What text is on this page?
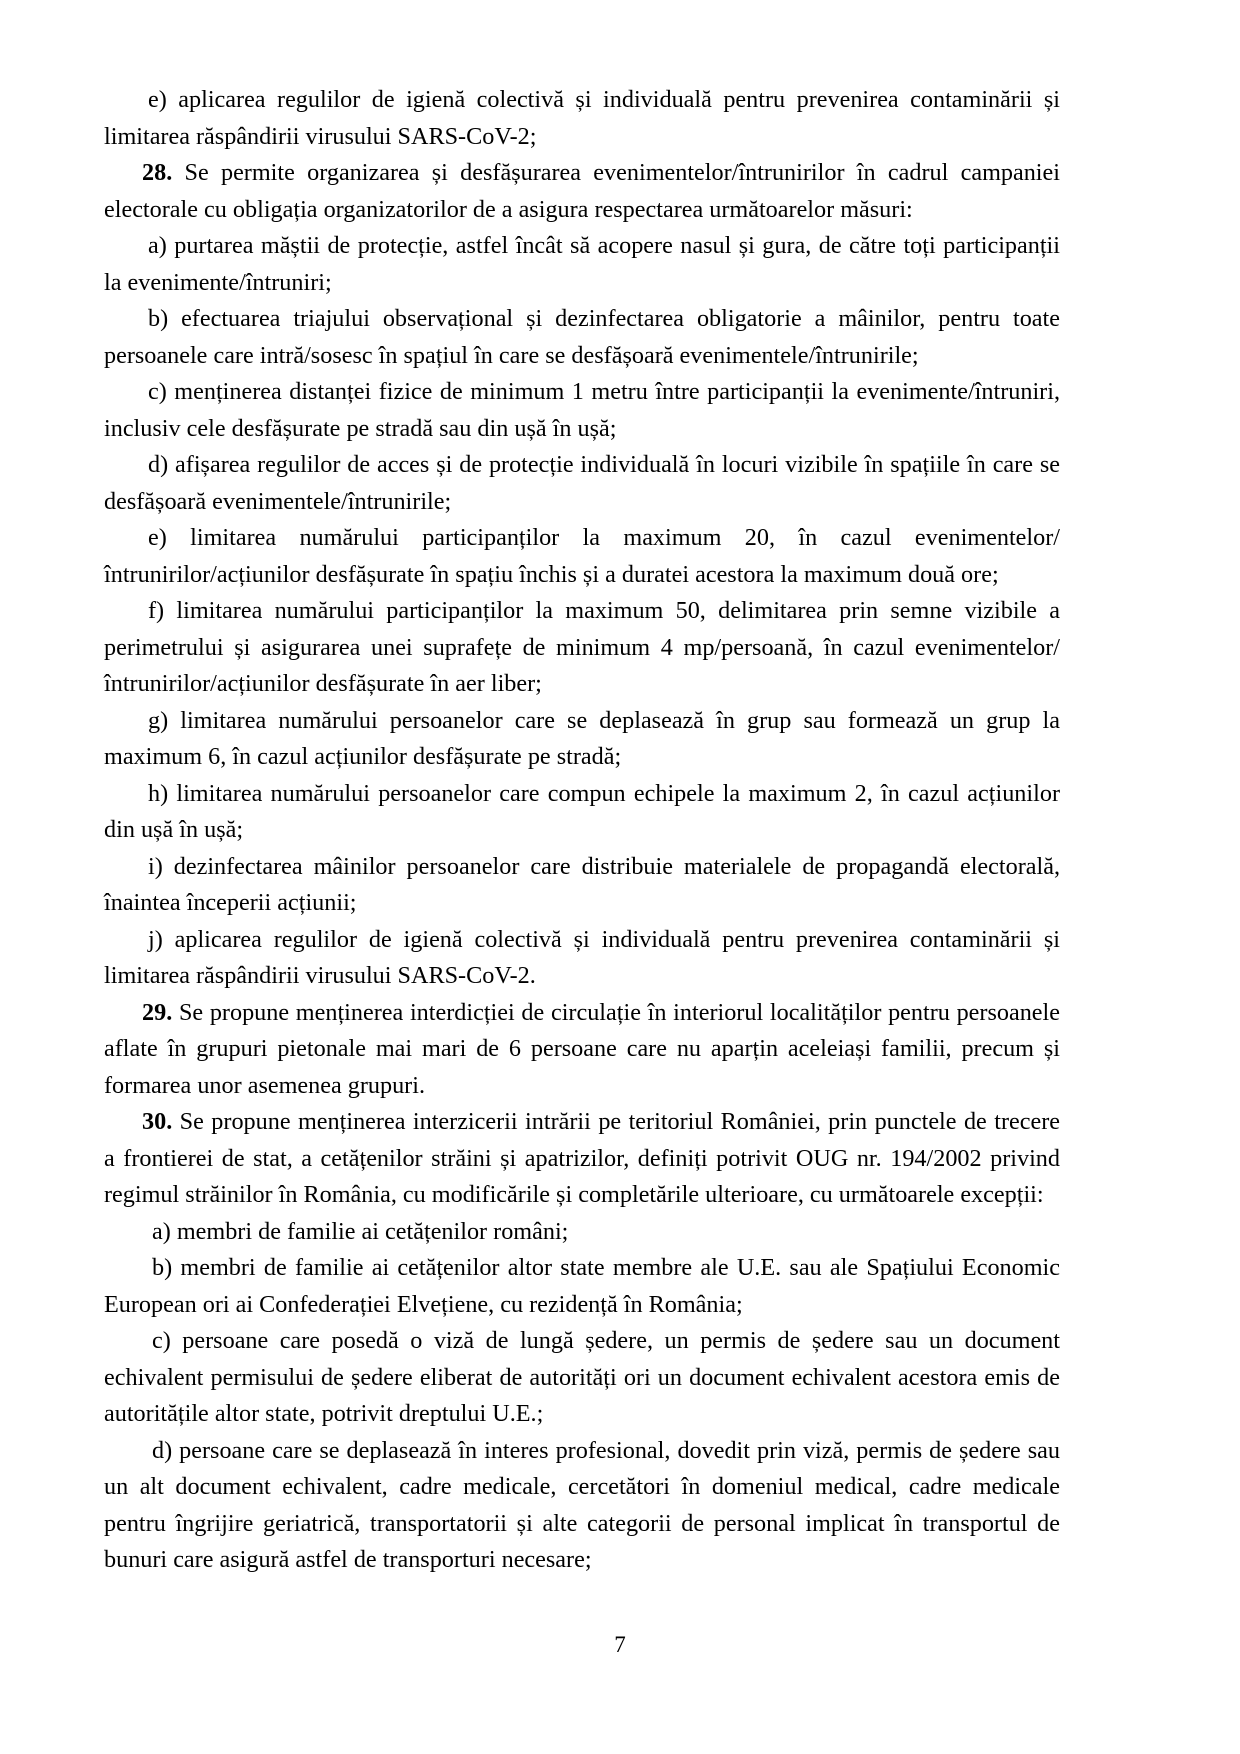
e) aplicarea regulilor de igienă colectivă și individuală pentru prevenirea contaminării și limitarea răspândirii virusului SARS-CoV-2;

28. Se permite organizarea și desfășurarea evenimentelor/întrunirilor în cadrul campaniei electorale cu obligația organizatorilor de a asigura respectarea următoarelor măsuri:

a) purtarea măștii de protecție, astfel încât să acopere nasul și gura, de către toți participanții la evenimente/întruniri;

b) efectuarea triajului observațional și dezinfectarea obligatorie a mâinilor, pentru toate persoanele care intră/sosesc în spațiul în care se desfășoară evenimentele/întrunirile;

c) menținerea distanței fizice de minimum 1 metru între participanții la evenimente/întruniri, inclusiv cele desfășurate pe stradă sau din ușă în ușă;

d) afișarea regulilor de acces și de protecție individuală în locuri vizibile în spațiile în care se desfășoară evenimentele/întrunirile;

e) limitarea numărului participanților la maximum 20, în cazul evenimentelor/întrunirilor/acțiunilor desfășurate în spațiu închis și a duratei acestora la maximum două ore;

f) limitarea numărului participanților la maximum 50, delimitarea prin semne vizibile a perimetrului și asigurarea unei suprafețe de minimum 4 mp/persoană, în cazul evenimentelor/ întrunirilor/acțiunilor desfășurate în aer liber;

g) limitarea numărului persoanelor care se deplasează în grup sau formează un grup la maximum 6, în cazul acțiunilor desfășurate pe stradă;

h) limitarea numărului persoanelor care compun echipele la maximum 2, în cazul acțiunilor din ușă în ușă;

i) dezinfectarea mâinilor persoanelor care distribuie materialele de propagandă electorală, înaintea începerii acțiunii;

j) aplicarea regulilor de igienă colectivă și individuală pentru prevenirea contaminării și limitarea răspândirii virusului SARS-CoV-2.

29. Se propune menținerea interdicției de circulație în interiorul localităților pentru persoanele aflate în grupuri pietonale mai mari de 6 persoane care nu aparțin aceleiași familii, precum și formarea unor asemenea grupuri.

30. Se propune menținerea interzicerii intrării pe teritoriul României, prin punctele de trecere a frontierei de stat, a cetățenilor străini și apatrizilor, definiți potrivit OUG nr. 194/2002 privind regimul străinilor în România, cu modificările și completările ulterioare, cu următoarele excepții:

a) membri de familie ai cetățenilor români;

b) membri de familie ai cetățenilor altor state membre ale U.E. sau ale Spațiului Economic European ori ai Confederației Elvețiene, cu rezidență în România;

c) persoane care posedă o viză de lungă ședere, un permis de ședere sau un document echivalent permisului de ședere eliberat de autorități ori un document echivalent acestora emis de autoritățile altor state, potrivit dreptului U.E.;

d) persoane care se deplasează în interes profesional, dovedit prin viză, permis de ședere sau un alt document echivalent, cadre medicale, cercetători în domeniul medical, cadre medicale pentru îngrijire geriatrică, transportatorii și alte categorii de personal implicat în transportul de bunuri care asigură astfel de transporturi necesare;

7
